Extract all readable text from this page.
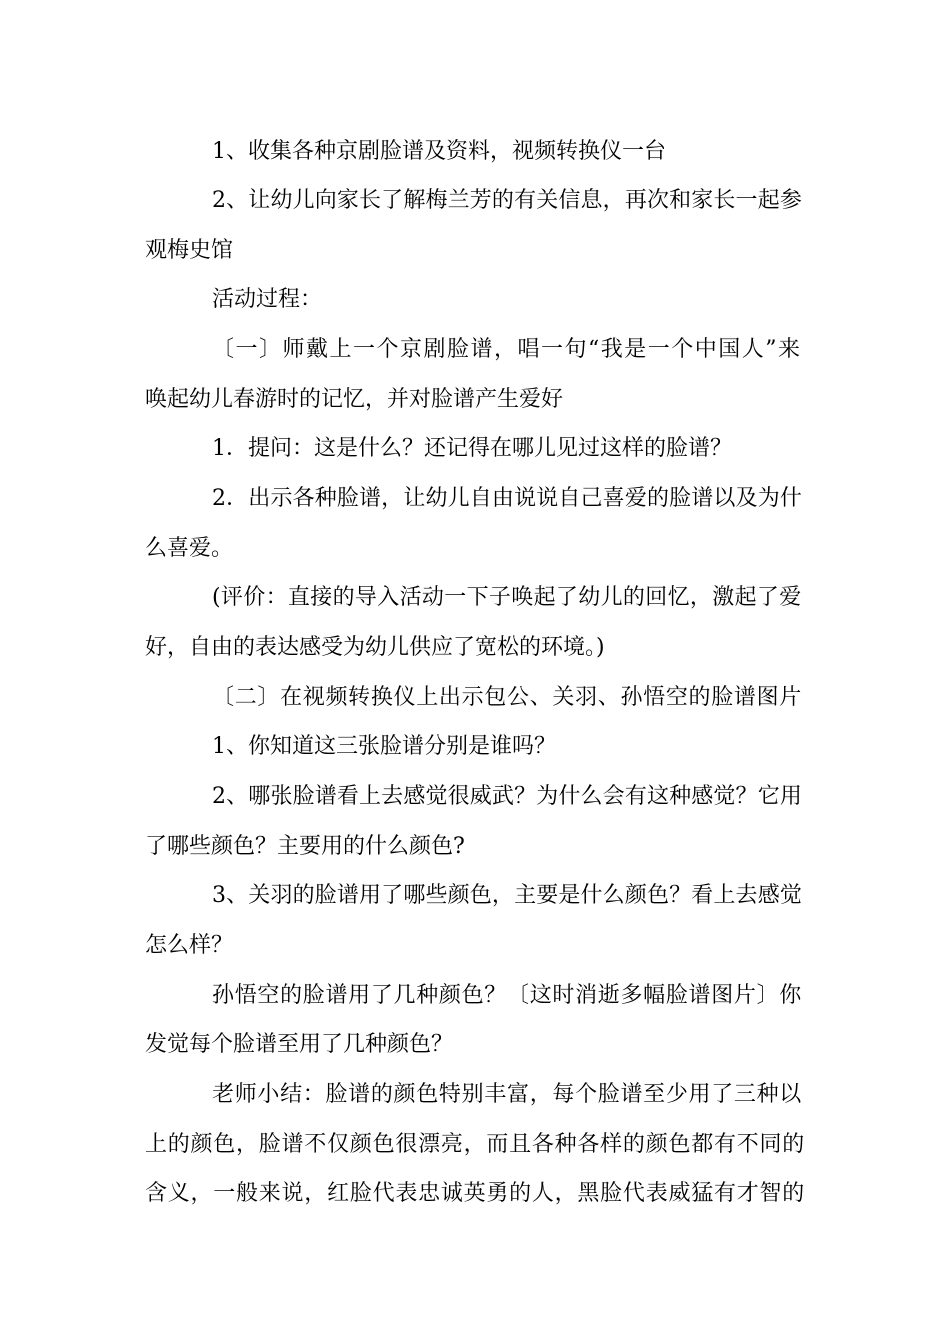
1、收集各种京剧脸谱及资料，视频转换仪一台
2、让幼儿向家长了解梅兰芳的有关信息，再次和家长一起参
观梅史馆
活动过程：
〔一〕师戴上一个京剧脸谱，唱一句“我是一个中国人”来
唤起幼儿春游时的记忆，并对脸谱产生爱好
1．提问：这是什么？还记得在哪儿见过这样的脸谱？
2．出示各种脸谱，让幼儿自由说说自己喜爱的脸谱以及为什
么喜爱。
(评价：直接的导入活动一下子唤起了幼儿的回忆，激起了爱
好，自由的表达感受为幼儿供应了宽松的环境。)
〔二〕在视频转换仪上出示包公、关羽、孙悟空的脸谱图片
1、你知道这三张脸谱分别是谁吗？
2、哪张脸谱看上去感觉很威武？为什么会有这种感觉？它用
了哪些颜色？主要用的什么颜色?
3、关羽的脸谱用了哪些颜色，主要是什么颜色？看上去感觉
怎么样？
孙悟空的脸谱用了几种颜色？〔这时消逝多幅脸谱图片〕你
发觉每个脸谱至用了几种颜色？
老师小结：脸谱的颜色特别丰富，每个脸谱至少用了三种以
上的颜色，脸谱不仅颜色很漂亮，而且各种各样的颜色都有不同的
含义，一般来说，红脸代表忠诚英勇的人，黑脸代表威猛有才智的
